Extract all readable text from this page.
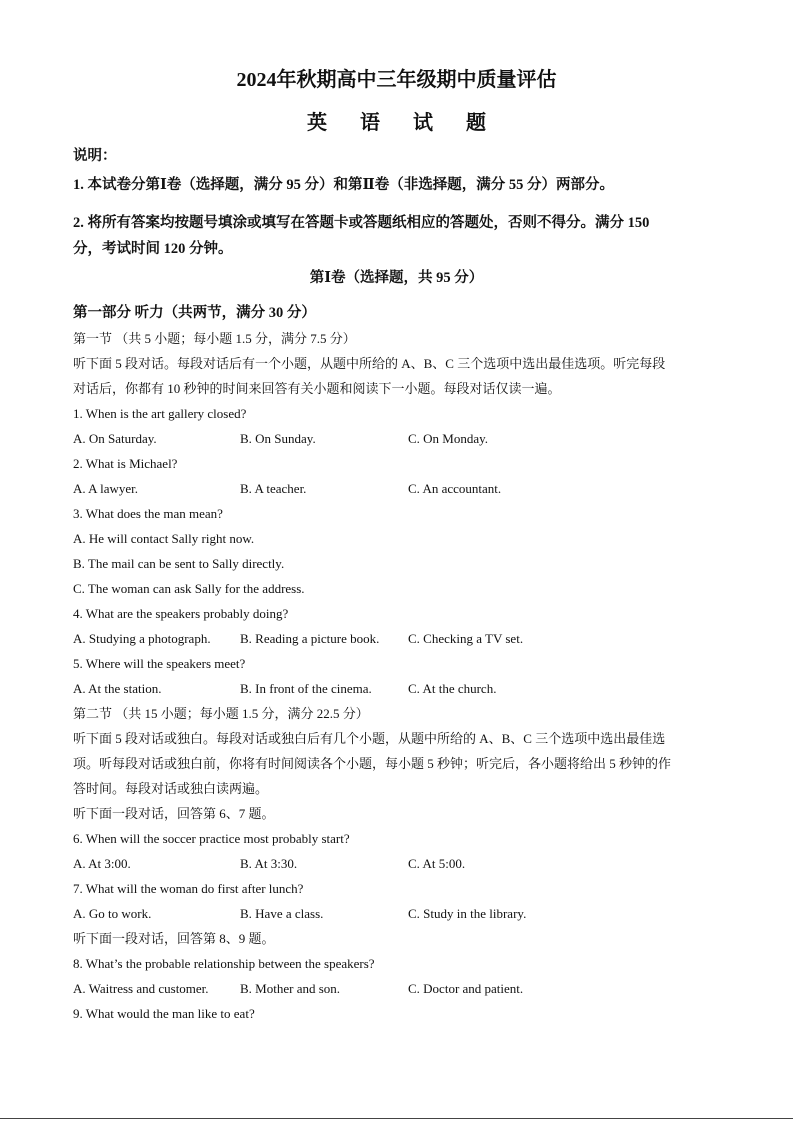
2024年秋期高中三年级期中质量评估
英 语 试 题
说明：
1. 本试卷分第Ⅰ卷（选择题，满分 95 分）和第Ⅱ卷（非选择题，满分 55 分）两部分。
2. 将所有答案均按题号填涂或填写在答题卡或答题纸相应的答题处，否则不得分。满分 150
分，考试时间 120 分钟。
第Ⅰ卷（选择题，共 95 分）
第一部分 听力（共两节，满分 30 分）
第一节 （共 5 小题；每小题 1.5 分，满分 7.5 分）
听下面 5 段对话。每段对话后有一个小题，从题中所给的 A、B、C 三个选项中选出最佳选项。听完每段
对话后，你都有 10 秒钟的时间来回答有关小题和阅读下一小题。每段对话仅读一遍。
1. When is the art gallery closed?
A. On Saturday.	B. On Sunday.	C. On Monday.
2. What is Michael?
A. A lawyer.	B. A teacher.	C. An accountant.
3. What does the man mean?
A. He will contact Sally right now.
B. The mail can be sent to Sally directly.
C. The woman can ask Sally for the address.
4. What are the speakers probably doing?
A. Studying a photograph. B. Reading a picture book. C. Checking a TV set.
5. Where will the speakers meet?
A. At the station.	B. In front of the cinema.	C. At the church.
第二节 （共 15 小题；每小题 1.5 分，满分 22.5 分）
听下面 5 段对话或独白。每段对话或独白后有几个小题，从题中所给的 A、B、C 三个选项中选出最佳选
项。听每段对话或独白前，你将有时间阅读各个小题，每小题 5 秒钟；听完后，各小题将给出 5 秒钟的作
答时间。每段对话或独白读两遍。
听下面一段对话，回答第 6、7 题。
6. When will the soccer practice most probably start?
A. At 3:00.	B. At 3:30.	C. At 5:00.
7. What will the woman do first after lunch?
A. Go to work.	B. Have a class.	C. Study in the library.
听下面一段对话，回答第 8、9 题。
8. What’s the probable relationship between the speakers?
A. Waitress and customer. B. Mother and son.	C. Doctor and patient.
9. What would the man like to eat?
